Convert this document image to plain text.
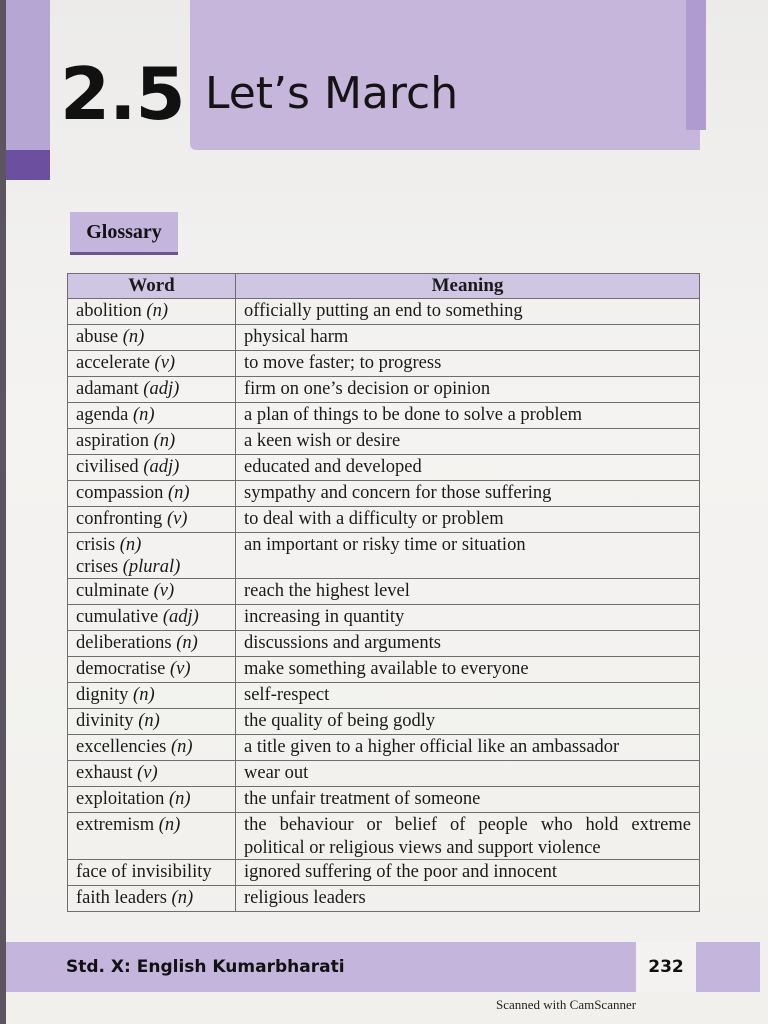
2.5 Let’s March
Glossary
Word	Meaning
abolition (n)	officially putting an end to something

abuse (n)	physical harm

accelerate (v)	to move faster; to progress

adamant (adj)	firm on one’s decision or opinion

agenda (n)	a plan of things to be done to solve a problem

aspiration (n)	a keen wish or desire

civilised (adj)	educated and developed

compassion (n)	sympathy and concern for those suffering

confronting (v)	to deal with a difficulty or problem

crisis (n)
crises (plural)	an important or risky time or situation

culminate (v)	reach the highest level

cumulative (adj)	increasing in quantity

deliberations (n)	discussions and arguments

democratise (v)	make something available to everyone

dignity (n)	self-respect

divinity (n)	the quality of being godly

excellencies (n)	a title given to a higher official like an ambassador

exhaust (v)	wear out

exploitation (n)	the unfair treatment of someone

extremism (n)	the behaviour or belief of people who hold extreme
political or religious views and support violence

face of invisibility	ignored suffering of the poor and innocent

faith leaders (n)	religious leaders
Std. X: English Kumarbharati	232
Scanned with CamScanner
